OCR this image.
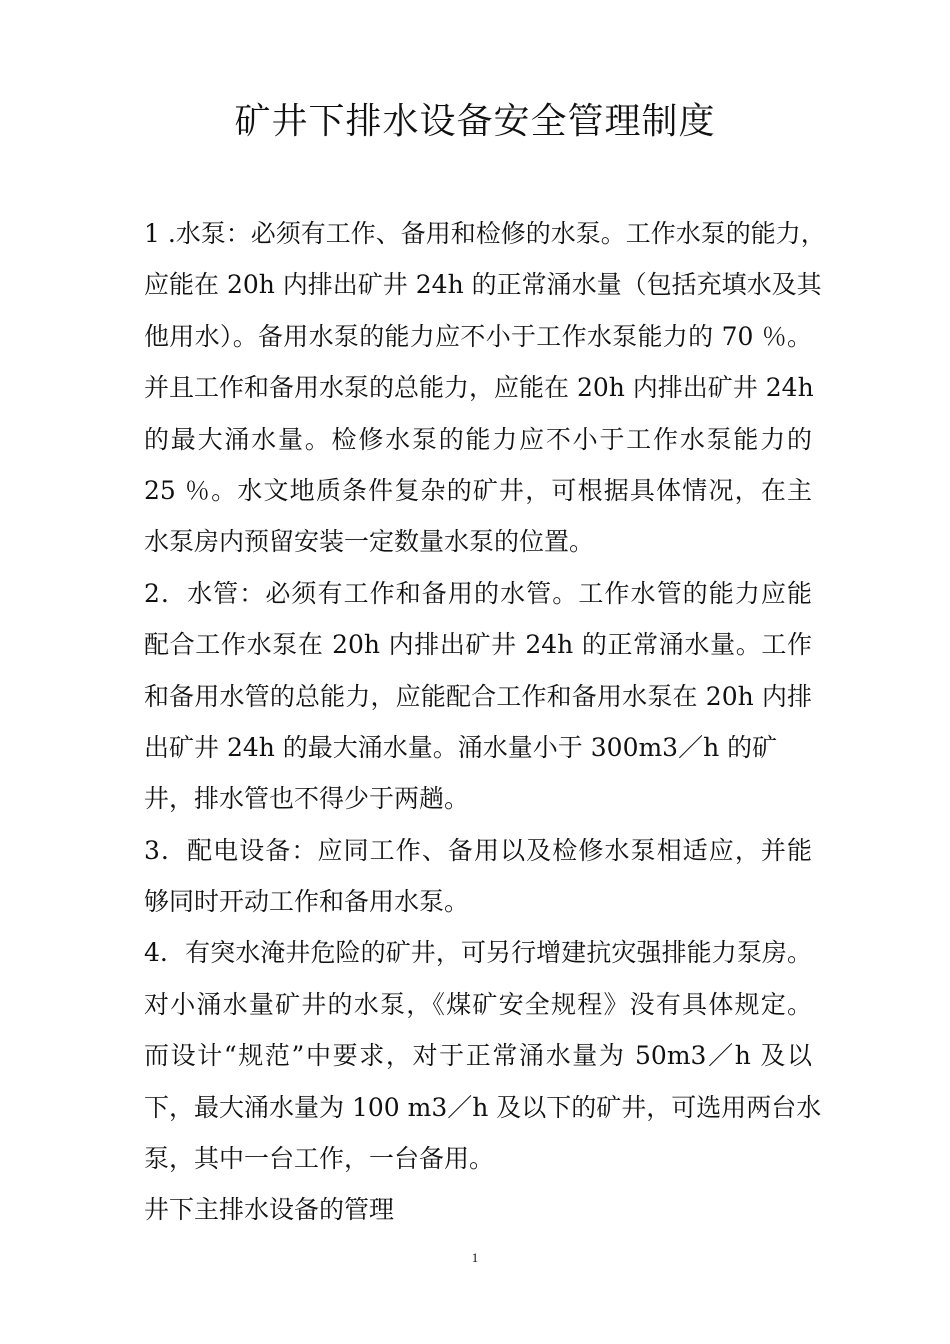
矿井下排水设备安全管理制度
1 .水泵：必须有工作、备用和检修的水泵。工作水泵的能力，
应能在 20h 内排出矿井 24h 的正常涌水量（包括充填水及其
他用水）。备用水泵的能力应不小于工作水泵能力的 70 ％。
并且工作和备用水泵的总能力，应能在 20h 内排出矿井 24h
的最大涌水量。检修水泵的能力应不小于工作水泵能力的
25 ％。水文地质条件复杂的矿井，可根据具体情况，在主
水泵房内预留安装一定数量水泵的位置。
2．水管：必须有工作和备用的水管。工作水管的能力应能
配合工作水泵在 20h 内排出矿井 24h 的正常涌水量。工作
和备用水管的总能力，应能配合工作和备用水泵在 20h 内排
出矿井 24h 的最大涌水量。涌水量小于 300m3／h 的矿
井，排水管也不得少于两趟。
3．配电设备：应同工作、备用以及检修水泵相适应，并能
够同时开动工作和备用水泵。
4．有突水淹井危险的矿井，可另行增建抗灾强排能力泵房。
对小涌水量矿井的水泵，《煤矿安全规程》没有具体规定。
而设计“规范”中要求，对于正常涌水量为 50m3／h 及以
下，最大涌水量为 100 m3／h 及以下的矿井，可选用两台水
泵，其中一台工作，一台备用。
井下主排水设备的管理
1
